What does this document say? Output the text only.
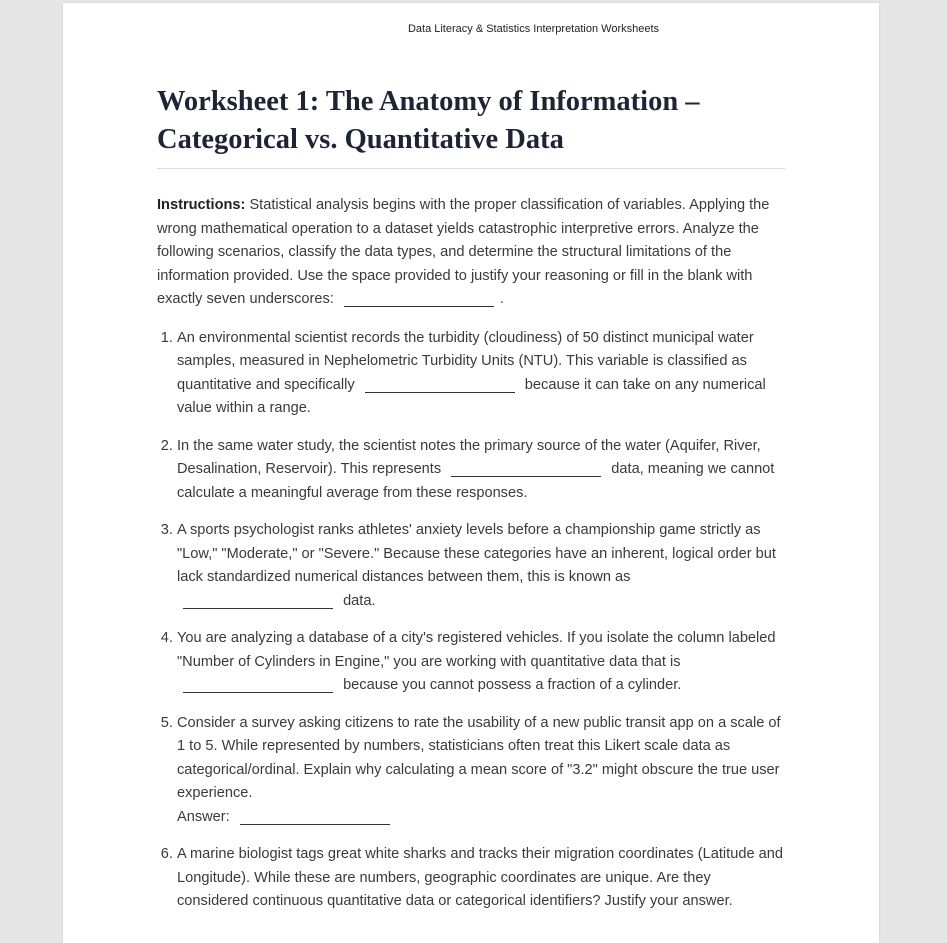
Data Literacy & Statistics Interpretation Worksheets
Worksheet 1: The Anatomy of Information –
Categorical vs. Quantitative Data

Instructions: Statistical analysis begins with the proper classification of variables. Applying the wrong mathematical operation to a dataset yields catastrophic interpretive errors. Analyze the following scenarios, classify the data types, and determine the structural limitations of the information provided. Use the space provided to justify your reasoning or fill in the blank with exactly seven underscores:	.

1. An environmental scientist records the turbidity (cloudiness) of 50 distinct municipal water samples, measured in Nephelometric Turbidity Units (NTU). This variable is classified as quantitative and specifically	because it can take on any numerical value within a range.
2. In the same water study, the scientist notes the primary source of the water (Aquifer, River, Desalination, Reservoir). This represents	data, meaning we cannot calculate a meaningful average from these responses.
3. A sports psychologist ranks athletes' anxiety levels before a championship game strictly as "Low," "Moderate," or "Severe." Because these categories have an inherent, logical order but lack standardized numerical distances between them, this is known as  data.
4. You are analyzing a database of a city's registered vehicles. If you isolate the column labeled "Number of Cylinders in Engine," you are working with quantitative data that is  because you cannot possess a fraction of a cylinder.
5. Consider a survey asking citizens to rate the usability of a new public transit app on a scale of 1 to 5. While represented by numbers, statisticians often treat this Likert scale data as categorical/ordinal. Explain why calculating a mean score of "3.2" might obscure the true user experience.
Answer:
6. A marine biologist tags great white sharks and tracks their migration coordinates (Latitude and Longitude). While these are numbers, geographic coordinates are unique. Are they considered continuous quantitative data or categorical identifiers? Justify your answer.
